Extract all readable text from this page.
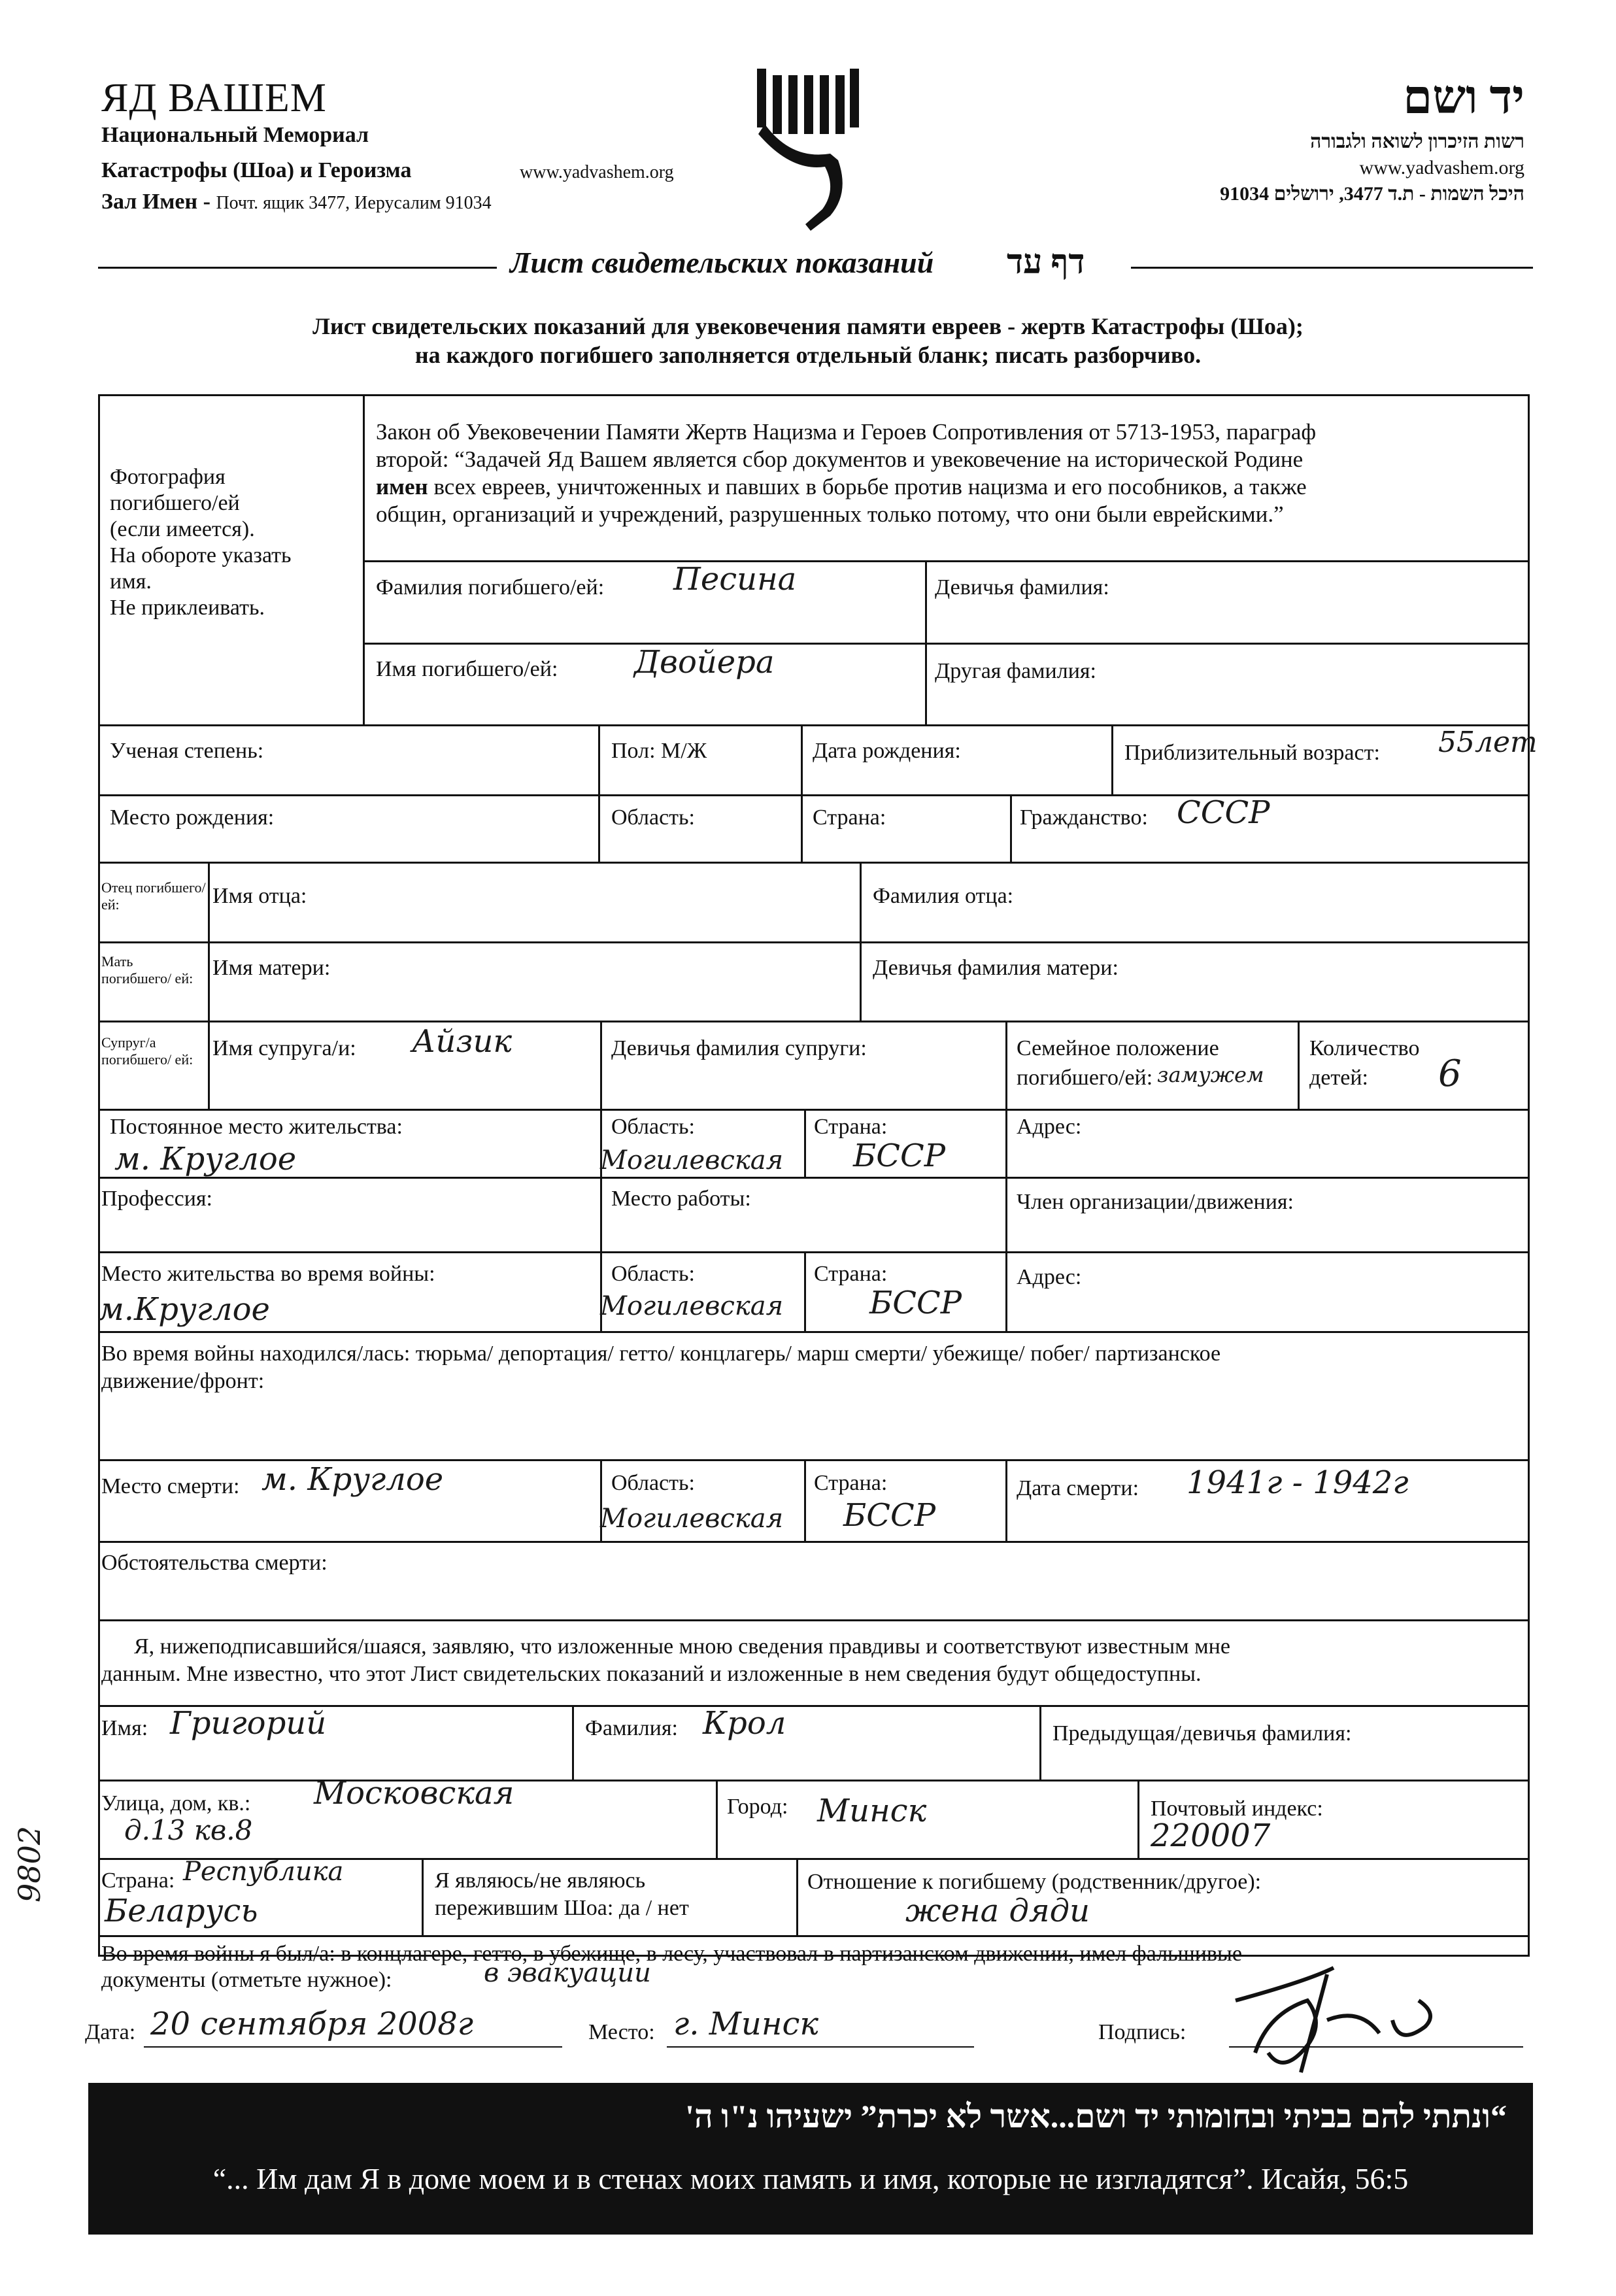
ЯД ВАШЕМ
Национальный Мемориал
Катастрофы (Шоа) и Героизма	www.yadvashem.org
Зал Имен - Почт. ящик 3477, Иерусалим 91034
יד ושם
רשות הזיכרון לשואה ולגבורה
www.yadvashem.org
היכל השמות - ת.ד 3477, ירושלים 91034
Лист свидетельских показаний דף עד
Лист свидетельских показаний для увековечения памяти евреев - жертв Катастрофы (Шоа);
на каждого погибшего заполняется отдельный бланк; писать разборчиво.
Фотография
погибшего/ей
(если имеется).
На обороте указать
имя.
Не приклеивать.
Закон об Увековечении Памяти Жертв Нацизма и Героев Сопротивления от 5713-1953, параграф
второй: “Задачей Яд Вашем является сбор документов и увековечение на исторической Родине
имен всех евреев, уничтоженных и павших в борьбе против нацизма и его пособников, а также
общин, организаций и учреждений, разрушенных только потому, что они были еврейскими.”
Фамилия погибшего/ей: Песина	Девичья фамилия:
Имя погибшего/ей: Двойера	Другая фамилия:
Ученая степень:	Пол: М/Ж	Дата рождения:	Приблизительный возраст: 55лет
Место рождения:	Область:	Страна:	Гражданство: СССР
Отец погибшего/ ей:	Имя отца:	Фамилия отца:
Мать погибшего/ ей: Имя матери:	Девичья фамилия матери:
Супруг/а погибшего/ ей: Имя супруга/и: Айзик	Девичья фамилия супруги:	Семейное положение
погибшего/ей: замужем
Количество
детей: 6
Постоянное место жительства:
м. Круглое
Область:
Могилевская
Страна:
БССР
Адрес:
Профессия:	Место работы:	Член организации/движения:
Место жительства во время войны:
м.Круглое
Область:
Могилевская
Страна:
БССР
Адрес:
Во время войны находился/лась: тюрьма/ депортация/ гетто/ концлагерь/ марш смерти/ убежище/ побег/ партизанское
движение/фронт:
Место смерти: м. Круглое	Область:
Могилевская
Страна:
БССР
Дата смерти: 1941г - 1942г
Обстоятельства смерти:
Я, нижеподписавшийся/шаяся, заявляю, что изложенные мною сведения правдивы и соответствуют известным мне
данным. Мне известно, что этот Лист свидетельских показаний и изложенные в нем сведения будут общедоступны.
Имя: Григорий	Фамилия: Крол	Предыдущая/девичья фамилия:
Улица, дом, кв.: Московская
д.13 кв.8
Город: Минск	Почтовый индекс:
220007
Страна: Республика
Беларусь
Я являюсь/не являюсь
пережившим Шоа: да / нет
Отношение к погибшему (родственник/другое):
жена дяди
Во время войны я был/а: в концлагере, гетто, в убежище, в лесу, участвовал в партизанском движении, имел фальшивые
документы (отметьте нужное):	в эвакуации
Дата: 20 сентября 2008г	Место: г. Минск	Подпись:
9802
“ונתתי להם בביתי ובחומותי יד ושם...אשר לא יכרת” ישעיהו נ"ו ה'
“... Им дам Я в доме моем и в стенах моих память и имя, которые не изгладятся”. Исайя, 56:5
